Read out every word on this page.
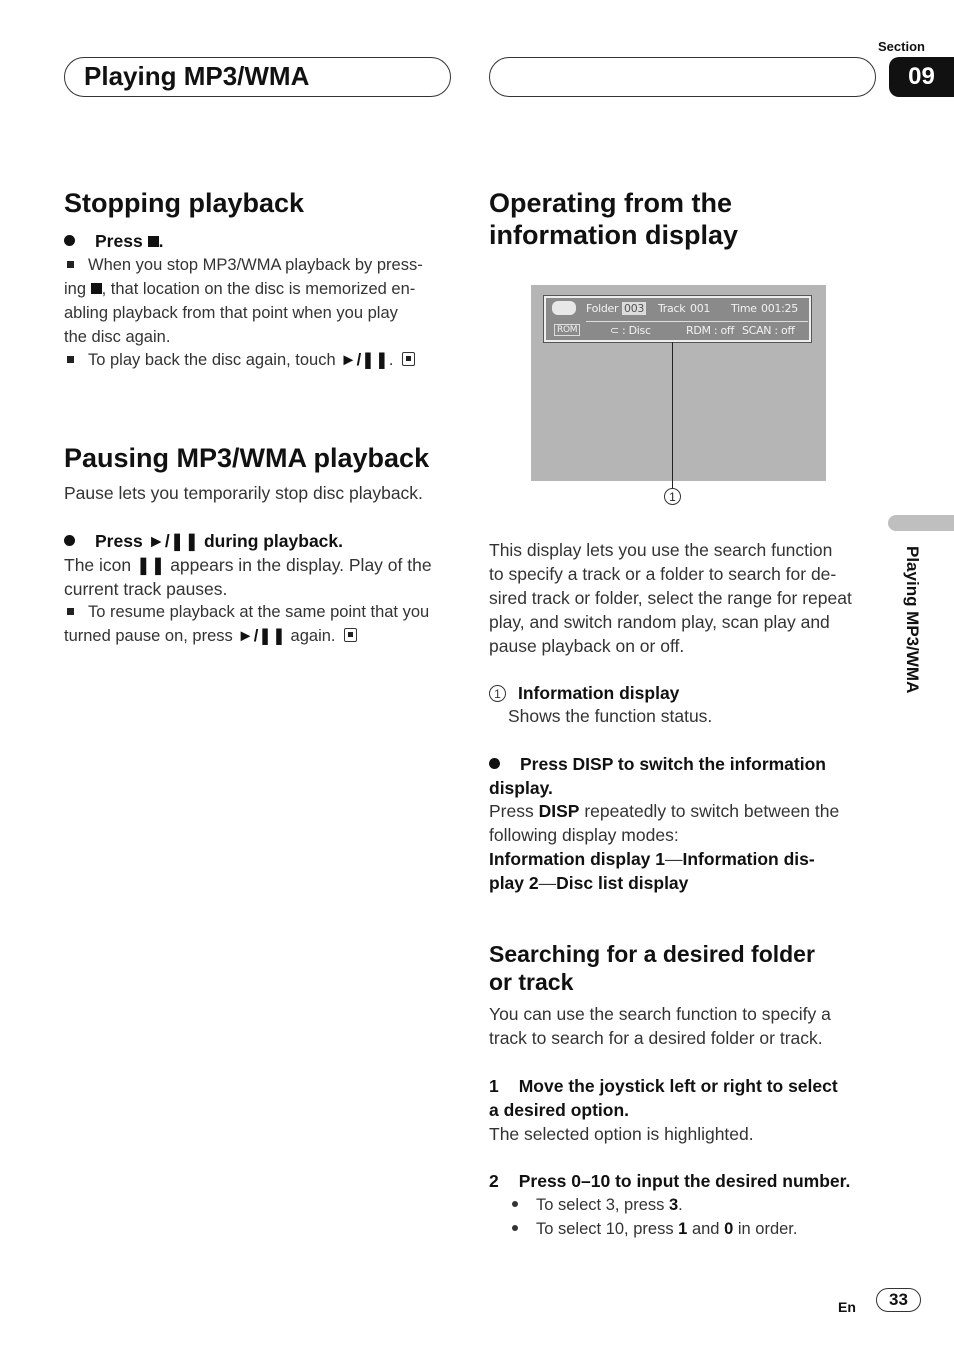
Playing MP3/WMA
Section
09
Stopping playback
Press .
When you stop MP3/WMA playback by press-
ing , that location on the disc is memorized en-
abling playback from that point when you play
the disc again.
To play back the disc again, touch ►/❚❚.
Pausing MP3/WMA playback
Pause lets you temporarily stop disc playback.
Press ►/❚❚ during playback.
The icon ❚❚ appears in the display. Play of the
current track pauses.
To resume playback at the same point that you
turned pause on, press ►/❚❚ again.
Operating from the
information display
Folder 003 Track 001 Time 001:25
ROM	⊂ : Disc	RDM : off SCAN : off
1
This display lets you use the search function
to specify a track or a folder to search for de-
sired track or folder, select the range for repeat
play, and switch random play, scan play and
pause playback on or off.
1 Information display
Shows the function status.
Press DISP to switch the information
display.
Press DISP repeatedly to switch between the
following display modes:
Information display 1—Information dis-
play 2—Disc list display
Searching for a desired folder
or track
You can use the search function to specify a
track to search for a desired folder or track.
1 Move the joystick left or right to select
a desired option.
The selected option is highlighted.
2 Press 0–10 to input the desired number.
To select 3, press 3.
To select 10, press 1 and 0 in order.
Playing MP3/WMA
En	33
